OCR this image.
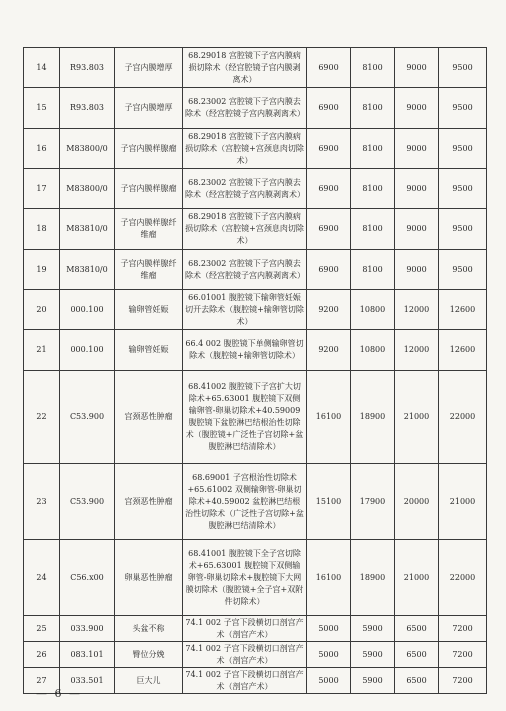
14	R93.803	子宫内膜增厚	68.29018 宫腔镜下子宫内膜病损切除术（经宫腔镜子宫内膜剥离术）	6900	8100	9000	9500
15	R93.803	子宫内膜增厚	68.23002 宫腔镜下子宫内膜去除术（经宫腔镜子宫内膜剥离术）	6900	8100	9000	9500
16	M83800/0	子宫内膜样腺瘤	68.29018 宫腔镜下子宫内膜病损切除术（宫腔镜+宫颈息肉切除术）	6900	8100	9000	9500
17	M83800/0	子宫内膜样腺瘤	68.23002 宫腔镜下子宫内膜去除术（经宫腔镜子宫内膜剥离术）	6900	8100	9000	9500
18	M83810/0	子宫内膜样腺纤维瘤	68.29018 宫腔镜下子宫内膜病损切除术（宫腔镜+宫颈息肉切除术）	6900	8100	9000	9500
19	M83810/0	子宫内膜样腺纤维瘤	68.23002 宫腔镜下子宫内膜去除术（经宫腔镜子宫内膜剥离术）	6900	8100	9000	9500
20	000.100	输卵管妊娠	66.01001 腹腔镜下输卵管妊娠切开去除术（腹腔镜+输卵管切除术）	9200	10800	12000	12600
21	000.100	输卵管妊娠	66.4 002 腹腔镜下单侧输卵管切除术（腹腔镜+输卵管切除术）	9200	10800	12000	12600
22	C53.900	宫颈恶性肿瘤	68.41002 腹腔镜下子宫扩大切除术+65.63001 腹腔镜下双侧输卵管-卵巢切除术+40.59009 腹腔镜下盆腔淋巴结根治性切除术（腹腔镜+广泛性子宫切除+盆腹腔淋巴结清除术）	16100	18900	21000	22000
23	C53.900	宫颈恶性肿瘤	68.69001 子宫根治性切除术+65.61002 双侧输卵管-卵巢切除术+40.59002 盆腔淋巴结根治性切除术（广泛性子宫切除+盆腹腔淋巴结清除术）	15100	17900	20000	21000
24	C56.x00	卵巢恶性肿瘤	68.41001 腹腔镜下全子宫切除术+65.63001 腹腔镜下双侧输卵管-卵巢切除术+腹腔镜下大网膜切除术（腹腔镜+全子宫+双附件切除术）	16100	18900	21000	22000
25	033.900	头盆不称	74.1 002 子宫下段横切口剖宫产术（剖宫产术）	5000	5900	6500	7200
26	083.101	臀位分娩	74.1 002 子宫下段横切口剖宫产术（剖宫产术）	5000	5900	6500	7200
27	033.501	巨大儿	74.1 002 子宫下段横切口剖宫产术（剖宫产术）	5000	5900	6500	7200
— 6 —
